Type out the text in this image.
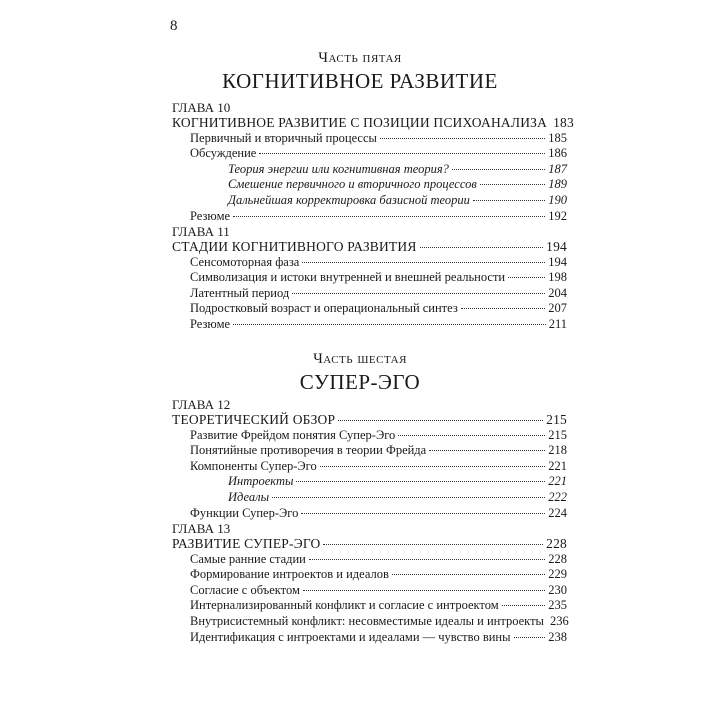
8
Часть пятая
КОГНИТИВНОЕ РАЗВИТИЕ
ГЛАВА 10
КОГНИТИВНОЕ РАЗВИТИЕ С ПОЗИЦИИ ПСИХОАНАЛИЗА 183
Первичный и вторичный процессы	185
Обсуждение	186
Теория энергии или когнитивная теория?	187
Смешение первичного и вторичного процессов	189
Дальнейшая корректировка базисной теории	190
Резюме	192
ГЛАВА 11
СТАДИИ КОГНИТИВНОГО РАЗВИТИЯ	194
Сенсомоторная фаза	194
Символизация и истоки внутренней и внешней реальности	198
Латентный период	204
Подростковый возраст и операциональный синтез	207
Резюме	211
Часть шестая
СУПЕР-ЭГО
ГЛАВА 12
ТЕОРЕТИЧЕСКИЙ ОБЗОР	215
Развитие Фрейдом понятия Супер-Эго	215
Понятийные противоречия в теории Фрейда	218
Компоненты Супер-Эго	221
Интроекты	221
Идеалы	222
Функции Супер-Эго	224
ГЛАВА 13
РАЗВИТИЕ СУПЕР-ЭГО	228
Самые ранние стадии	228
Формирование интроектов и идеалов	229
Согласие с объектом	230
Интернализированный конфликт и согласие с интроектом	235
Внутрисистемный конфликт: несовместимые идеалы и интроекты 236
Идентификация с интроектами и идеалами — чувство вины	238
